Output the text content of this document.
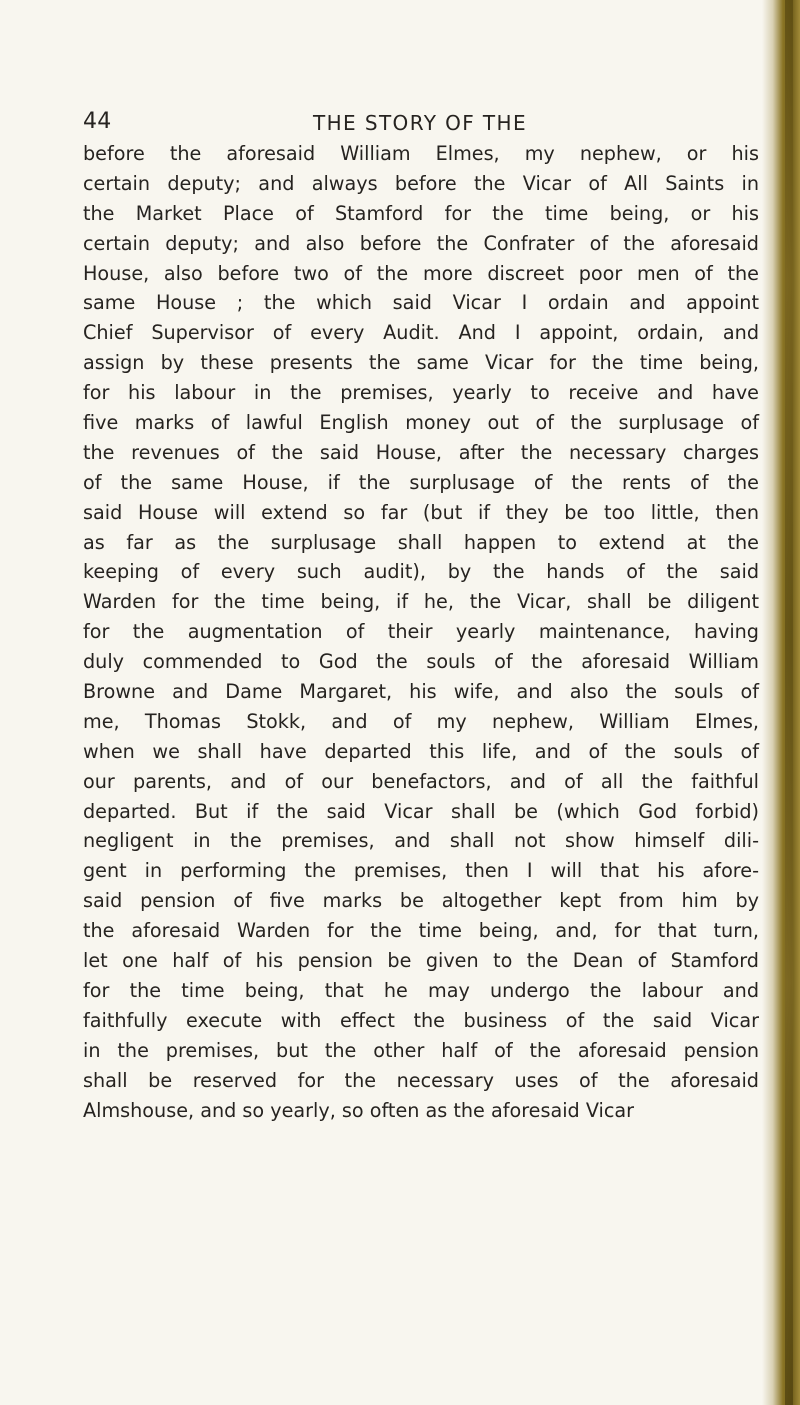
44	THE STORY OF THE
before the aforesaid William Elmes, my nephew, or his
certain deputy; and always before the Vicar of All Saints in
the Market Place of Stamford for the time being, or his
certain deputy; and also before the Confrater of the aforesaid
House, also before two of the more discreet poor men of the
same House ; the which said Vicar I ordain and appoint
Chief Supervisor of every Audit. And I appoint, ordain, and
assign by these presents the same Vicar for the time being,
for his labour in the premises, yearly to receive and have
five marks of lawful English money out of the surplusage of
the revenues of the said House, after the necessary charges
of the same House, if the surplusage of the rents of the
said House will extend so far (but if they be too little, then
as far as the surplusage shall happen to extend at the
keeping of every such audit), by the hands of the said
Warden for the time being, if he, the Vicar, shall be diligent
for the augmentation of their yearly maintenance, having
duly commended to God the souls of the aforesaid William
Browne and Dame Margaret, his wife, and also the souls of
me, Thomas Stokk, and of my nephew, William Elmes,
when we shall have departed this life, and of the souls of
our parents, and of our benefactors, and of all the faithful
departed. But if the said Vicar shall be (which God forbid)
negligent in the premises, and shall not show himself dili-
gent in performing the premises, then I will that his afore-
said pension of five marks be altogether kept from him by
the aforesaid Warden for the time being, and, for that turn,
let one half of his pension be given to the Dean of Stamford
for the time being, that he may undergo the labour and
faithfully execute with effect the business of the said Vicar
in the premises, but the other half of the aforesaid pension
shall be reserved for the necessary uses of the aforesaid
Almshouse, and so yearly, so often as the aforesaid Vicar
